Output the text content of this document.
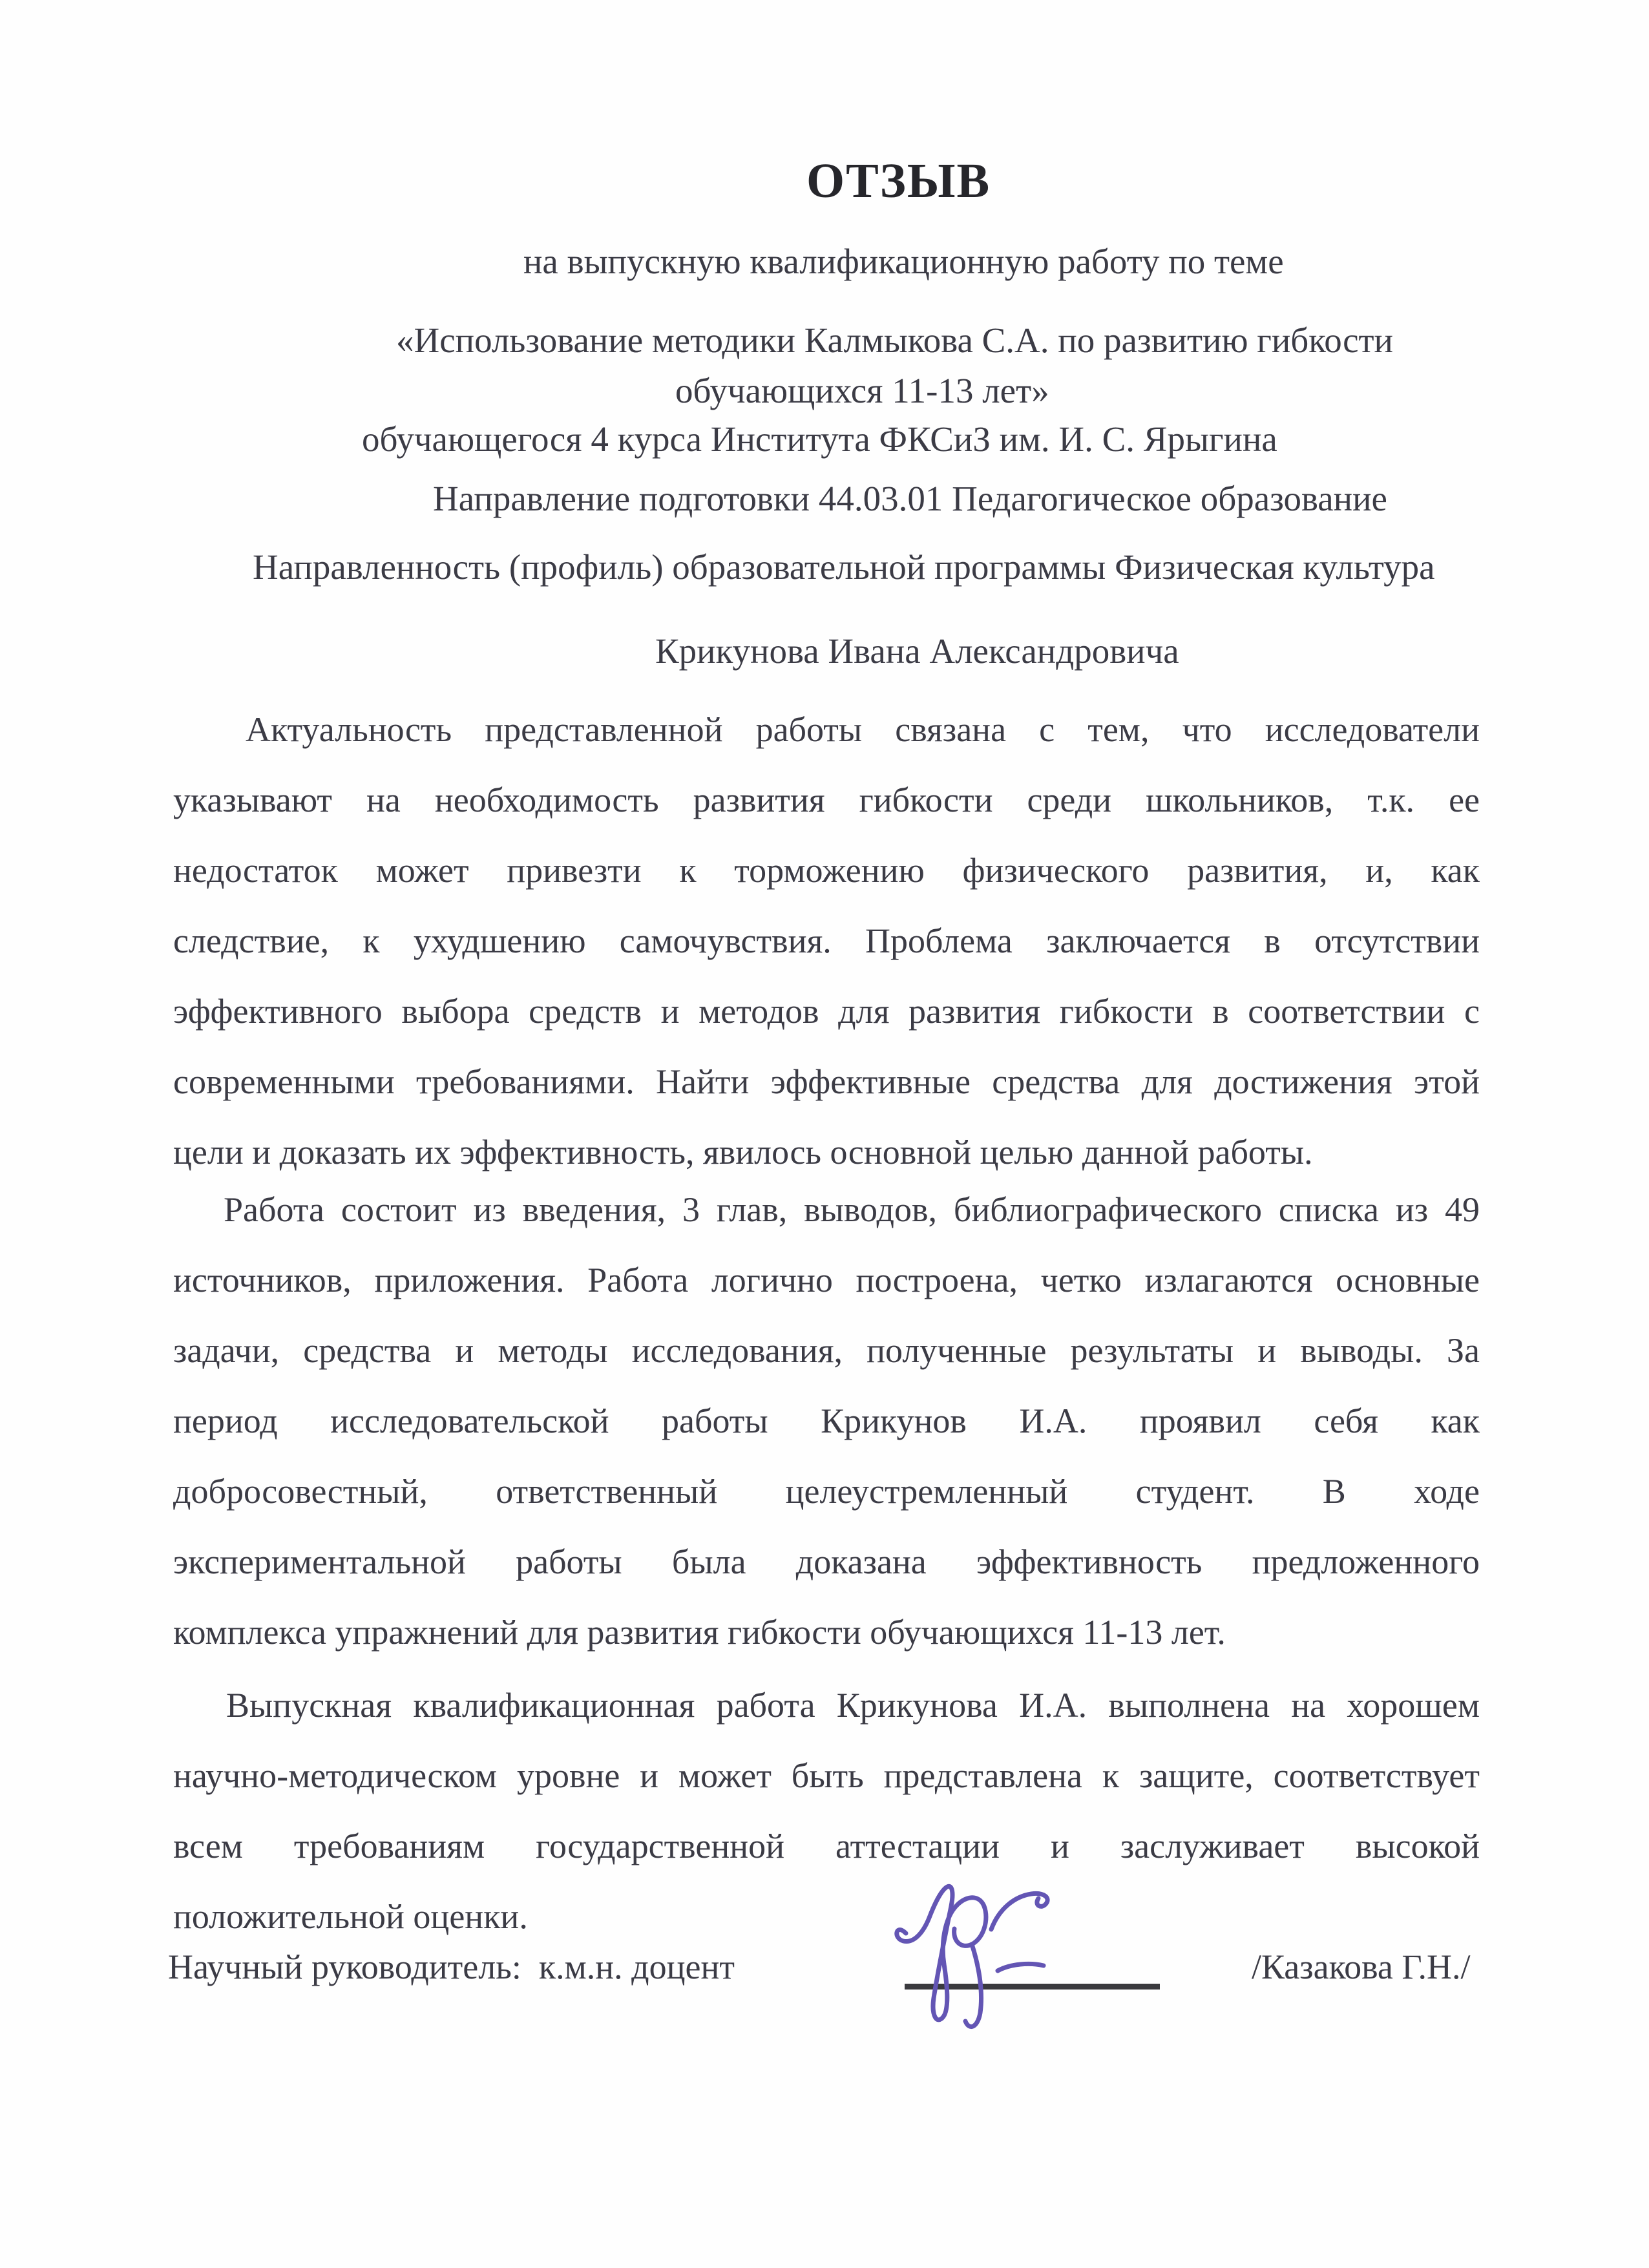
ОТЗЫВ
на выпускную квалификационную работу по теме
«Использование методики Калмыкова С.А. по развитию гибкости
обучающихся 11-13 лет»
обучающегося 4 курса Института ФКСиЗ им. И. С. Ярыгина
Направление подготовки 44.03.01 Педагогическое образование
Направленность (профиль) образовательной программы Физическая культура
Крикунова Ивана Александровича
Актуальность представленной работы связана с тем, что исследователи
указывают на необходимость развития гибкости среди школьников, т.к. ее
недостаток может привезти к торможению физического развития, и, как
следствие, к ухудшению самочувствия. Проблема заключается в отсутствии
эффективного выбора средств и методов для развития гибкости в соответствии с
современными требованиями. Найти эффективные средства для достижения этой
цели и доказать их эффективность, явилось основной целью данной работы.
Работа состоит из введения, 3 глав, выводов, библиографического списка из 49
источников, приложения. Работа логично построена, четко излагаются основные
задачи, средства и методы исследования, полученные результаты и выводы. За
период исследовательской работы Крикунов И.А. проявил себя как
добросовестный, ответственный целеустремленный студент. В ходе
экспериментальной работы была доказана эффективность предложенного
комплекса упражнений для развития гибкости обучающихся 11-13 лет.
Выпускная квалификационная работа Крикунова И.А. выполнена на хорошем
научно-методическом уровне и может быть представлена к защите, соответствует
всем требованиям государственной аттестации и заслуживает высокой
положительной оценки.
Научный руководитель:  к.м.н. доцент	/Казакова Г.Н./
